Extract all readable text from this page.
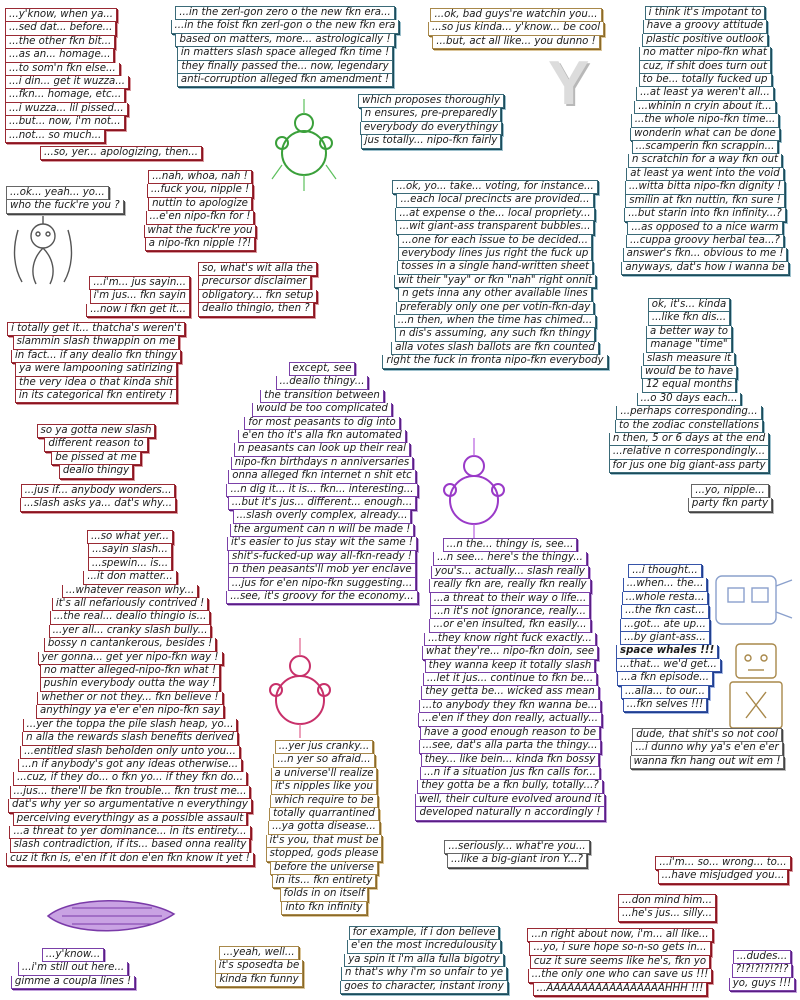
Y
...y'know, when ya...
...sed dat... before...
...the other fkn bit...
...as an... homage...
...to som'n fkn else...
...i din... get it wuzza...
...fkn... homage, etc...
...i wuzza... lil pissed...
...but... now, i'm not...
...not... so much...
...in the zerl-gon zero o the new fkn era...
...in the foist fkn zerl-gon o the new fkn era
based on matters, more... astrologically !
in matters slash space alleged fkn time !
they finally passed the... now, legendary
anti-corruption alleged fkn amendment !
...ok, bad guys're watchin you...
...so jus kinda... y'know... be cool
...but, act all like... you dunno !
i think it's impotant to
have a groovy attitude
plastic positive outlook
no matter nipo-fkn what
cuz, if shit does turn out
to be... totally fucked up
...at least ya weren't all...
...whinin n cryin about it...
...the whole nipo-fkn time...
wonderin what can be done
...scamperin fkn scrappin...
n scratchin for a way fkn out
at least ya went into the void
...witta bitta nipo-fkn dignity !
smilin at fkn nuttin, fkn sure !
...but starin into fkn infinity...?
...as opposed to a nice warm
...cuppa groovy herbal tea...?
answer's fkn... obvious to me !
anyways, dat's how i wanna be
which proposes thoroughly
n ensures, pre-preparedly
everybody do everythingy
jus totally... nipo-fkn fairly
...so, yer... apologizing, then...
...ok... yeah... yo...
who the fuck're you ?
...nah, whoa, nah !
...fuck you, nipple !
nuttin to apologize
...e'en nipo-fkn for !
what the fuck're you
a nipo-fkn nipple !?!
...ok, yo... take... voting, for instance...
...each local precincts are provided...
...at expense o the... local propriety...
...wit giant-ass transparent bubbles...
...one for each issue to be decided...
everybody lines jus right the fuck up
tosses in a single hand-written sheet
wit their "yay" or fkn "nah" right onnit
n gets inna any other available lines
preferably only one per votin-fkn-day
...n then, when the time has chimed...
n dis's assuming, any such fkn thingy
alla votes slash ballots are fkn counted
right the fuck in fronta nipo-fkn everybody
so, what's wit alla the
precursor disclaimer
obligatory... fkn setup
dealio thingio, then ?
...i'm... jus sayin...
i'm jus... fkn sayin
...now i fkn get it...
i totally get it... thatcha's weren't
slammin slash thwappin on me
in fact... if any dealio fkn thingy
ya were lampooning satirizing
the very idea o that kinda shit
in its categorical fkn entirety !
ok, it's... kinda
...like fkn dis...
a better way to
manage "time"
slash measure it
would be to have
12 equal months
...o 30 days each...
...perhaps corresponding...
to the zodiac constellations
n then, 5 or 6 days at the end
...relative n correspondingly...
for jus one big giant-ass party
except, see
...dealio thingy...
the transition between
would be too complicated
for most peasants to dig into
e'en tho it's alla fkn automated
n peasants can look up their real
nipo-fkn birthdays n anniversaries
onna alleged fkn internet n shit etc
...n dig it... it is... fkn... interesting...
...but it's jus... different... enough...
...slash overly complex, already...
the argument can n will be made !
it's easier to jus stay wit the same !
shit's-fucked-up way all-fkn-ready !
n then peasants'll mob yer enclave
...jus for e'en nipo-fkn suggesting...
...see, it's groovy for the economy...
so ya gotta new slash
different reason to
be pissed at me
dealio thingy
...jus if... anybody wonders...
...slash asks ya... dat's why...
...yo, nipple...
party fkn party
...so what yer...
...sayin slash...
...spewin... is...
...it don matter...
...whatever reason why...
it's all nefariously contrived !
...the real... dealio thingio is...
...yer all... cranky slash bully...
bossy n cantankerous, besides !
yer gonna... get yer nipo-fkn way !
no matter alleged-nipo-fkn what !
pushin everybody outta the way !
whether or not they... fkn believe !
anythingy ya e'er e'en nipo-fkn say
...yer the toppa the pile slash heap, yo...
n alla the rewards slash benefits derived
...entitled slash beholden only unto you...
...n if anybody's got any ideas otherwise...
...cuz, if they do... o fkn yo... if they fkn do...
...jus... there'll be fkn trouble... fkn trust me...
dat's why yer so argumentative n everythingy
perceiving everythingy as a possible assault
...a threat to yer dominance... in its entirety...
slash contradiction, if its... based onna reality
cuz it fkn is, e'en if it don e'en fkn know it yet !
...n the... thingy is, see...
...n see... here's the thingy...
you's... actually... slash really
really fkn are, really fkn really
...a threat to their way o life...
...n it's not ignorance, really...
...or e'en insulted, fkn easily...
...they know right fuck exactly...
what they're... nipo-fkn doin, see
they wanna keep it totally slash
...let it jus... continue to fkn be...
they getta be... wicked ass mean
...to anybody they fkn wanna be...
...e'en if they don really, actually...
have a good enough reason to be
...see, dat's alla parta the thingy...
they... like bein... kinda fkn bossy
...n if a situation jus fkn calls for...
they gotta be a fkn bully, totally...?
well, their culture evolved around it
developed naturally n accordingly !
...i thought...
...when... the...
...whole resta...
...the fkn cast...
...got... ate up...
...by giant-ass...
space whales !!!
...that... we'd get...
...a fkn episode...
...alla... to our...
...fkn selves !!!
dude, that shit's so not cool
...i dunno why ya's e'en e'er
wanna fkn hang out wit em !
...yer jus cranky...
...n yer so afraid...
a universe'll realize
it's nipples like you
which require to be
totally quarrantined
...ya gotta disease...
it's you, that must be
stopped, gods please
before the universe
in its... fkn entirety
folds in on itself
into fkn infinity
...seriously... what're you...
...like a big-giant iron Y...?	...i'm... so... wrong... to...
...have misjudged you...
...don mind him...
...he's jus... silly...
...y'know...
...i'm still out here...
gimme a coupla lines !
...yeah, well...
it's sposedta be
kinda fkn funny
for example, if i don believe
e'en the most incredulousity
ya spin it i'm alla fulla bigotry
n that's why i'm so unfair to ye
goes to character, instant irony
...n right about now, i'm... all like...
...yo, i sure hope so-n-so gets in...
cuz it sure seems like he's, fkn yo
...the only one who can save us !!!
...AAAAAAAAAAAAAAAAAHHH !!!
...dudes...
?!?!?!?!?!?
yo, guys !!!
